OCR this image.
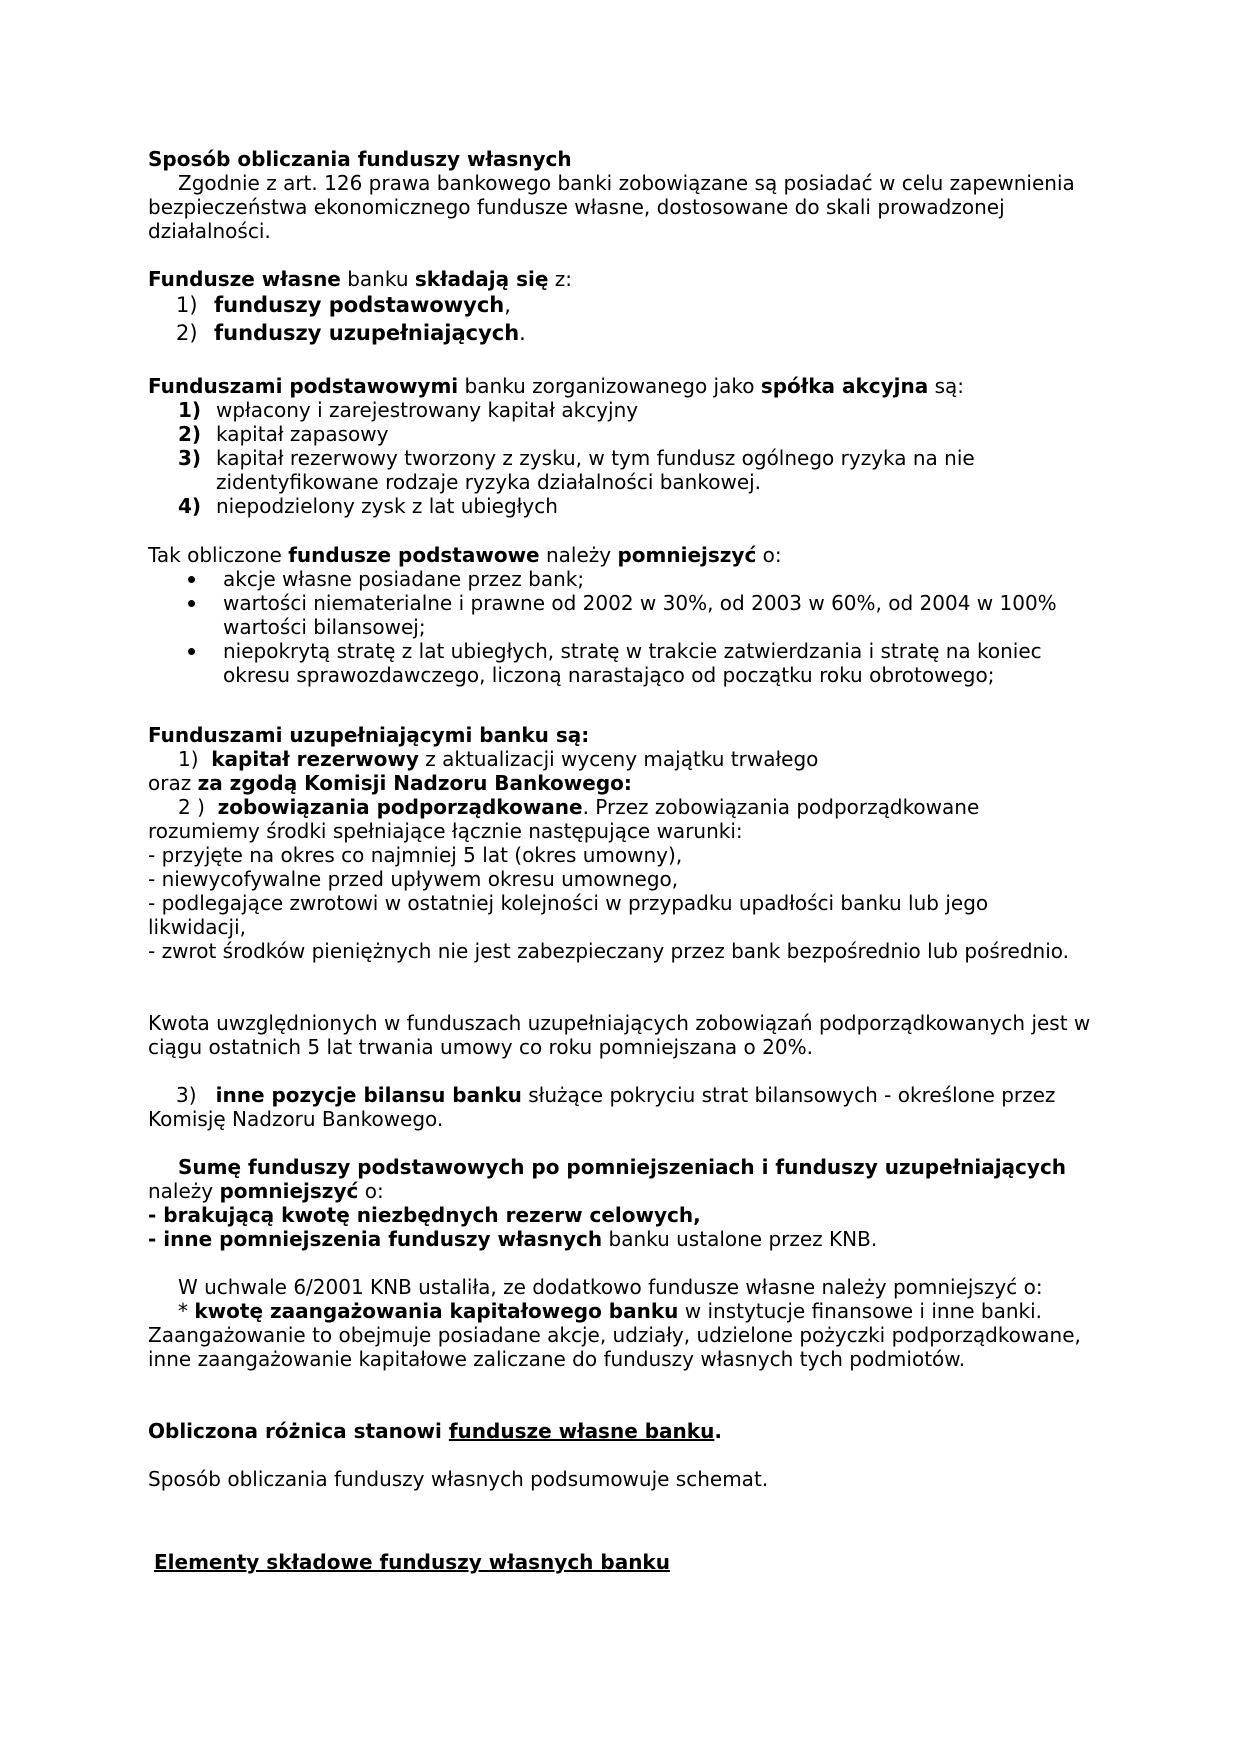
Sposób obliczania funduszy własnych

Zgodnie z art. 126 prawa bankowego banki zobowiązane są posiadać w celu zapewnienia bezpieczeństwa ekonomicznego fundusze własne, dostosowane do skali prowadzonej działalności.

Fundusze własne banku składają się z:

1) funduszy podstawowych,
2) funduszy uzupełniających.

Funduszami podstawowymi banku zorganizowanego jako spółka akcyjna są:

1) wpłacony i zarejestrowany kapitał akcyjny
2) kapitał zapasowy
3) kapitał rezerwowy tworzony z zysku, w tym fundusz ogólnego ryzyka na nie zidentyfikowane rodzaje ryzyka działalności bankowej.
4) niepodzielony zysk z lat ubiegłych

Tak obliczone fundusze podstawowe należy pomniejszyć o:

akcje własne posiadane przez bank;
wartości niematerialne i prawne od 2002 w 30%, od 2003 w 60%, od 2004 w 100% wartości bilansowej;
niepokrytą stratę z lat ubiegłych, stratę w trakcie zatwierdzania i stratę na koniec okresu sprawozdawczego, liczoną narastająco od początku roku obrotowego;

Funduszami uzupełniającymi banku są:

1) kapitał rezerwowy z aktualizacji wyceny majątku trwałego

oraz za zgodą Komisji Nadzoru Bankowego:

2 ) zobowiązania podporządkowane. Przez zobowiązania podporządkowane rozumiemy środki spełniające łącznie następujące warunki:

- przyjęte na okres co najmniej 5 lat (okres umowny),

- niewycofywalne przed upływem okresu umownego,

- podlegające zwrotowi w ostatniej kolejności w przypadku upadłości banku lub jego likwidacji,

- zwrot środków pieniężnych nie jest zabezpieczany przez bank bezpośrednio lub pośrednio.

Kwota uwzględnionych w funduszach uzupełniających zobowiązań podporządkowanych jest w ciągu ostatnich 5 lat trwania umowy co roku pomniejszana o 20%.

3) inne pozycje bilansu banku służące pokryciu strat bilansowych - określone przez Komisję Nadzoru Bankowego.

Sumę funduszy podstawowych po pomniejszeniach i funduszy uzupełniających należy pomniejszyć o:

- brakującą kwotę niezbędnych rezerw celowych,

- inne pomniejszenia funduszy własnych banku ustalone przez KNB.

W uchwale 6/2001 KNB ustaliła, ze dodatkowo fundusze własne należy pomniejszyć o:

* kwotę zaangażowania kapitałowego banku w instytucje finansowe i inne banki. Zaangażowanie to obejmuje posiadane akcje, udziały, udzielone pożyczki podporządkowane, inne zaangażowanie kapitałowe zaliczane do funduszy własnych tych podmiotów.

Obliczona różnica stanowi fundusze własne banku.

Sposób obliczania funduszy własnych podsumowuje schemat.

Elementy składowe funduszy własnych banku
